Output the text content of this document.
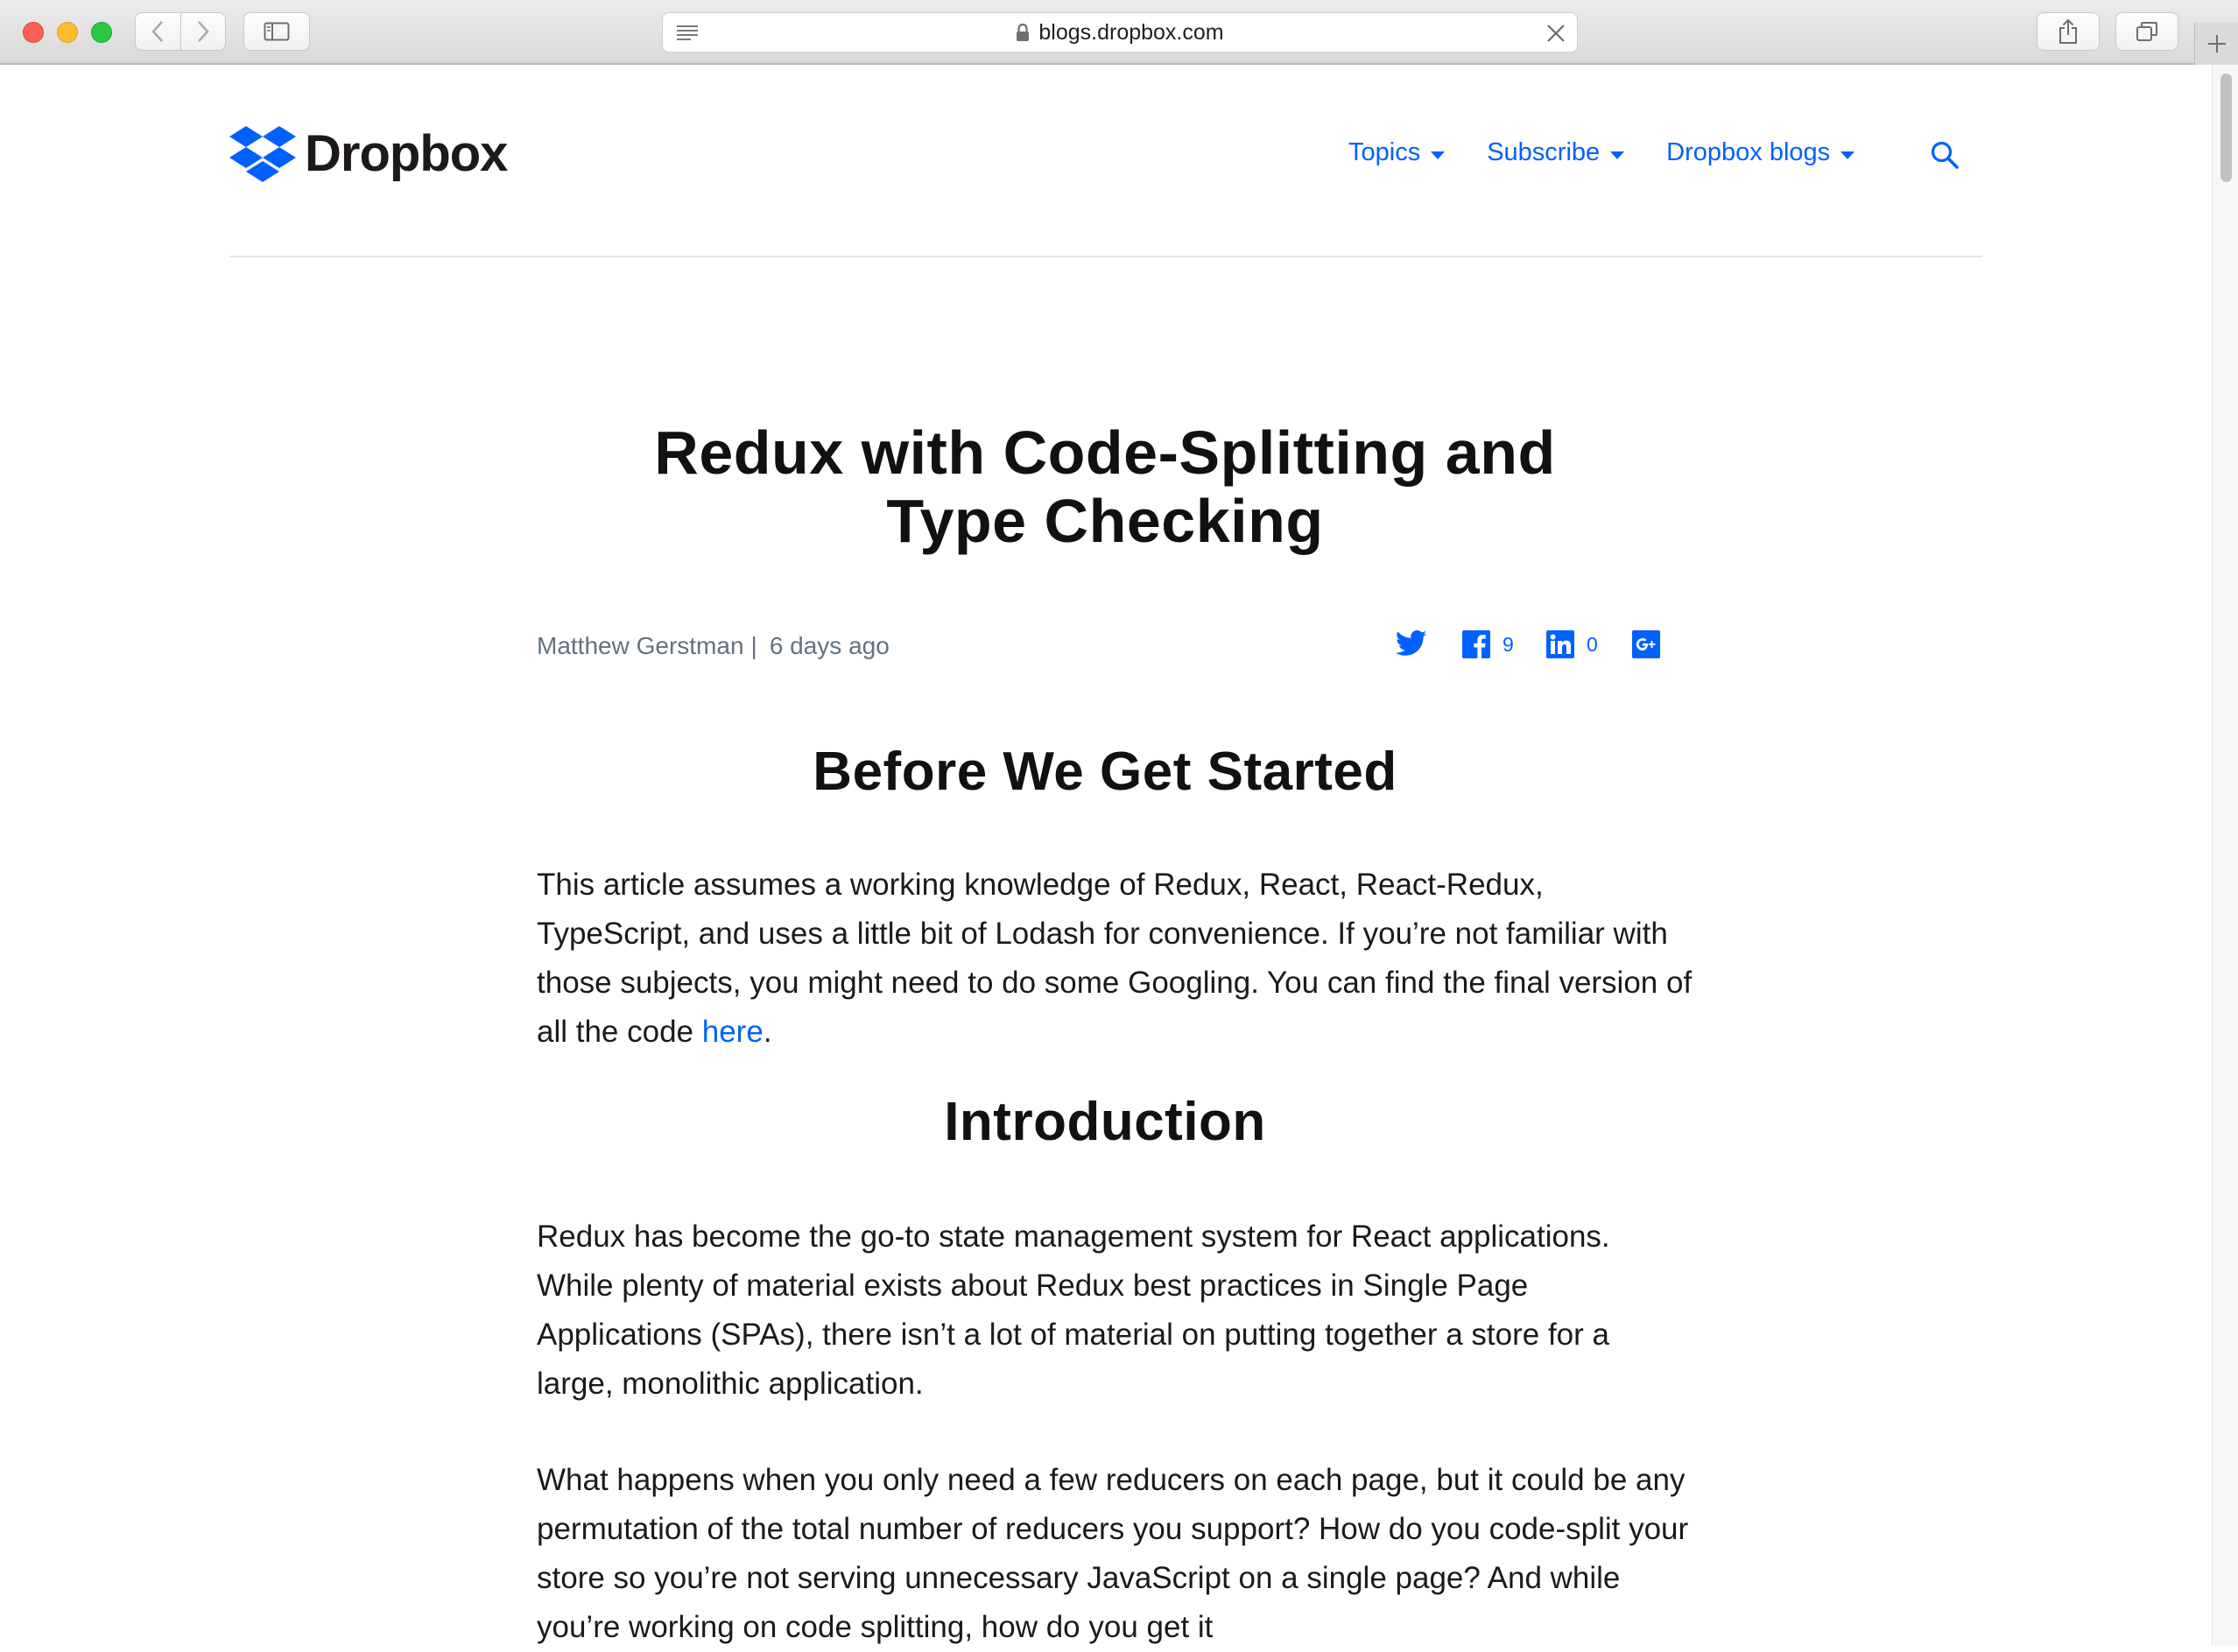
blogs.dropbox.com
Dropbox	Topics	Subscribe	Dropbox blogs
Redux with Code-Splitting and
Type Checking
Matthew Gerstman | 6 days ago	9	0
Before We Get Started

This article assumes a working knowledge of Redux, React, React-Redux, TypeScript, and uses a little bit of Lodash for convenience. If you’re not familiar with those subjects, you might need to do some Googling. You can find the final version of all the code here.

Introduction

Redux has become the go-to state management system for React applications. While plenty of material exists about Redux best practices in Single Page Applications (SPAs), there isn’t a lot of material on putting together a store for a large, monolithic application.

What happens when you only need a few reducers on each page, but it could be any permutation of the total number of reducers you support? How do you code-split your store so you’re not serving unnecessary JavaScript on a single page? And while you’re working on code splitting, how do you get it
